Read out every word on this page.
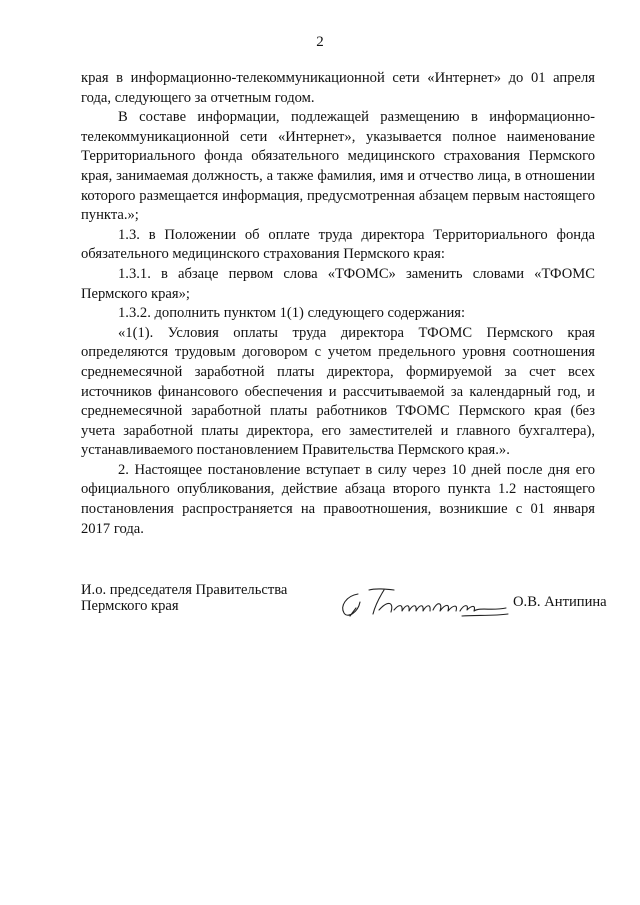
2

края в информационно-телекоммуникационной сети «Интернет» до 01 апреля года, следующего за отчетным годом.

В составе информации, подлежащей размещению в информационно-телекоммуникационной сети «Интернет», указывается полное наименование Территориального фонда обязательного медицинского страхования Пермского края, занимаемая должность, а также фамилия, имя и отчество лица, в отношении которого размещается информация, предусмотренная абзацем первым настоящего пункта.»;

1.3. в Положении об оплате труда директора Территориального фонда обязательного медицинского страхования Пермского края:

1.3.1. в абзаце первом слова «ТФОМС» заменить словами «ТФОМС Пермского края»;

1.3.2. дополнить пунктом 1(1) следующего содержания:

«1(1). Условия оплаты труда директора ТФОМС Пермского края определяются трудовым договором с учетом предельного уровня соотношения среднемесячной заработной платы директора, формируемой за счет всех источников финансового обеспечения и рассчитываемой за календарный год, и среднемесячной заработной платы работников ТФОМС Пермского края (без учета заработной платы директора, его заместителей и главного бухгалтера), устанавливаемого постановлением Правительства Пермского края.».

2. Настоящее постановление вступает в силу через 10 дней после дня его официального опубликования, действие абзаца второго пункта 1.2 настоящего постановления распространяется на правоотношения, возникшие с 01 января 2017 года.

И.о. председателя Правительства
Пермского края	О.В. Антипина
